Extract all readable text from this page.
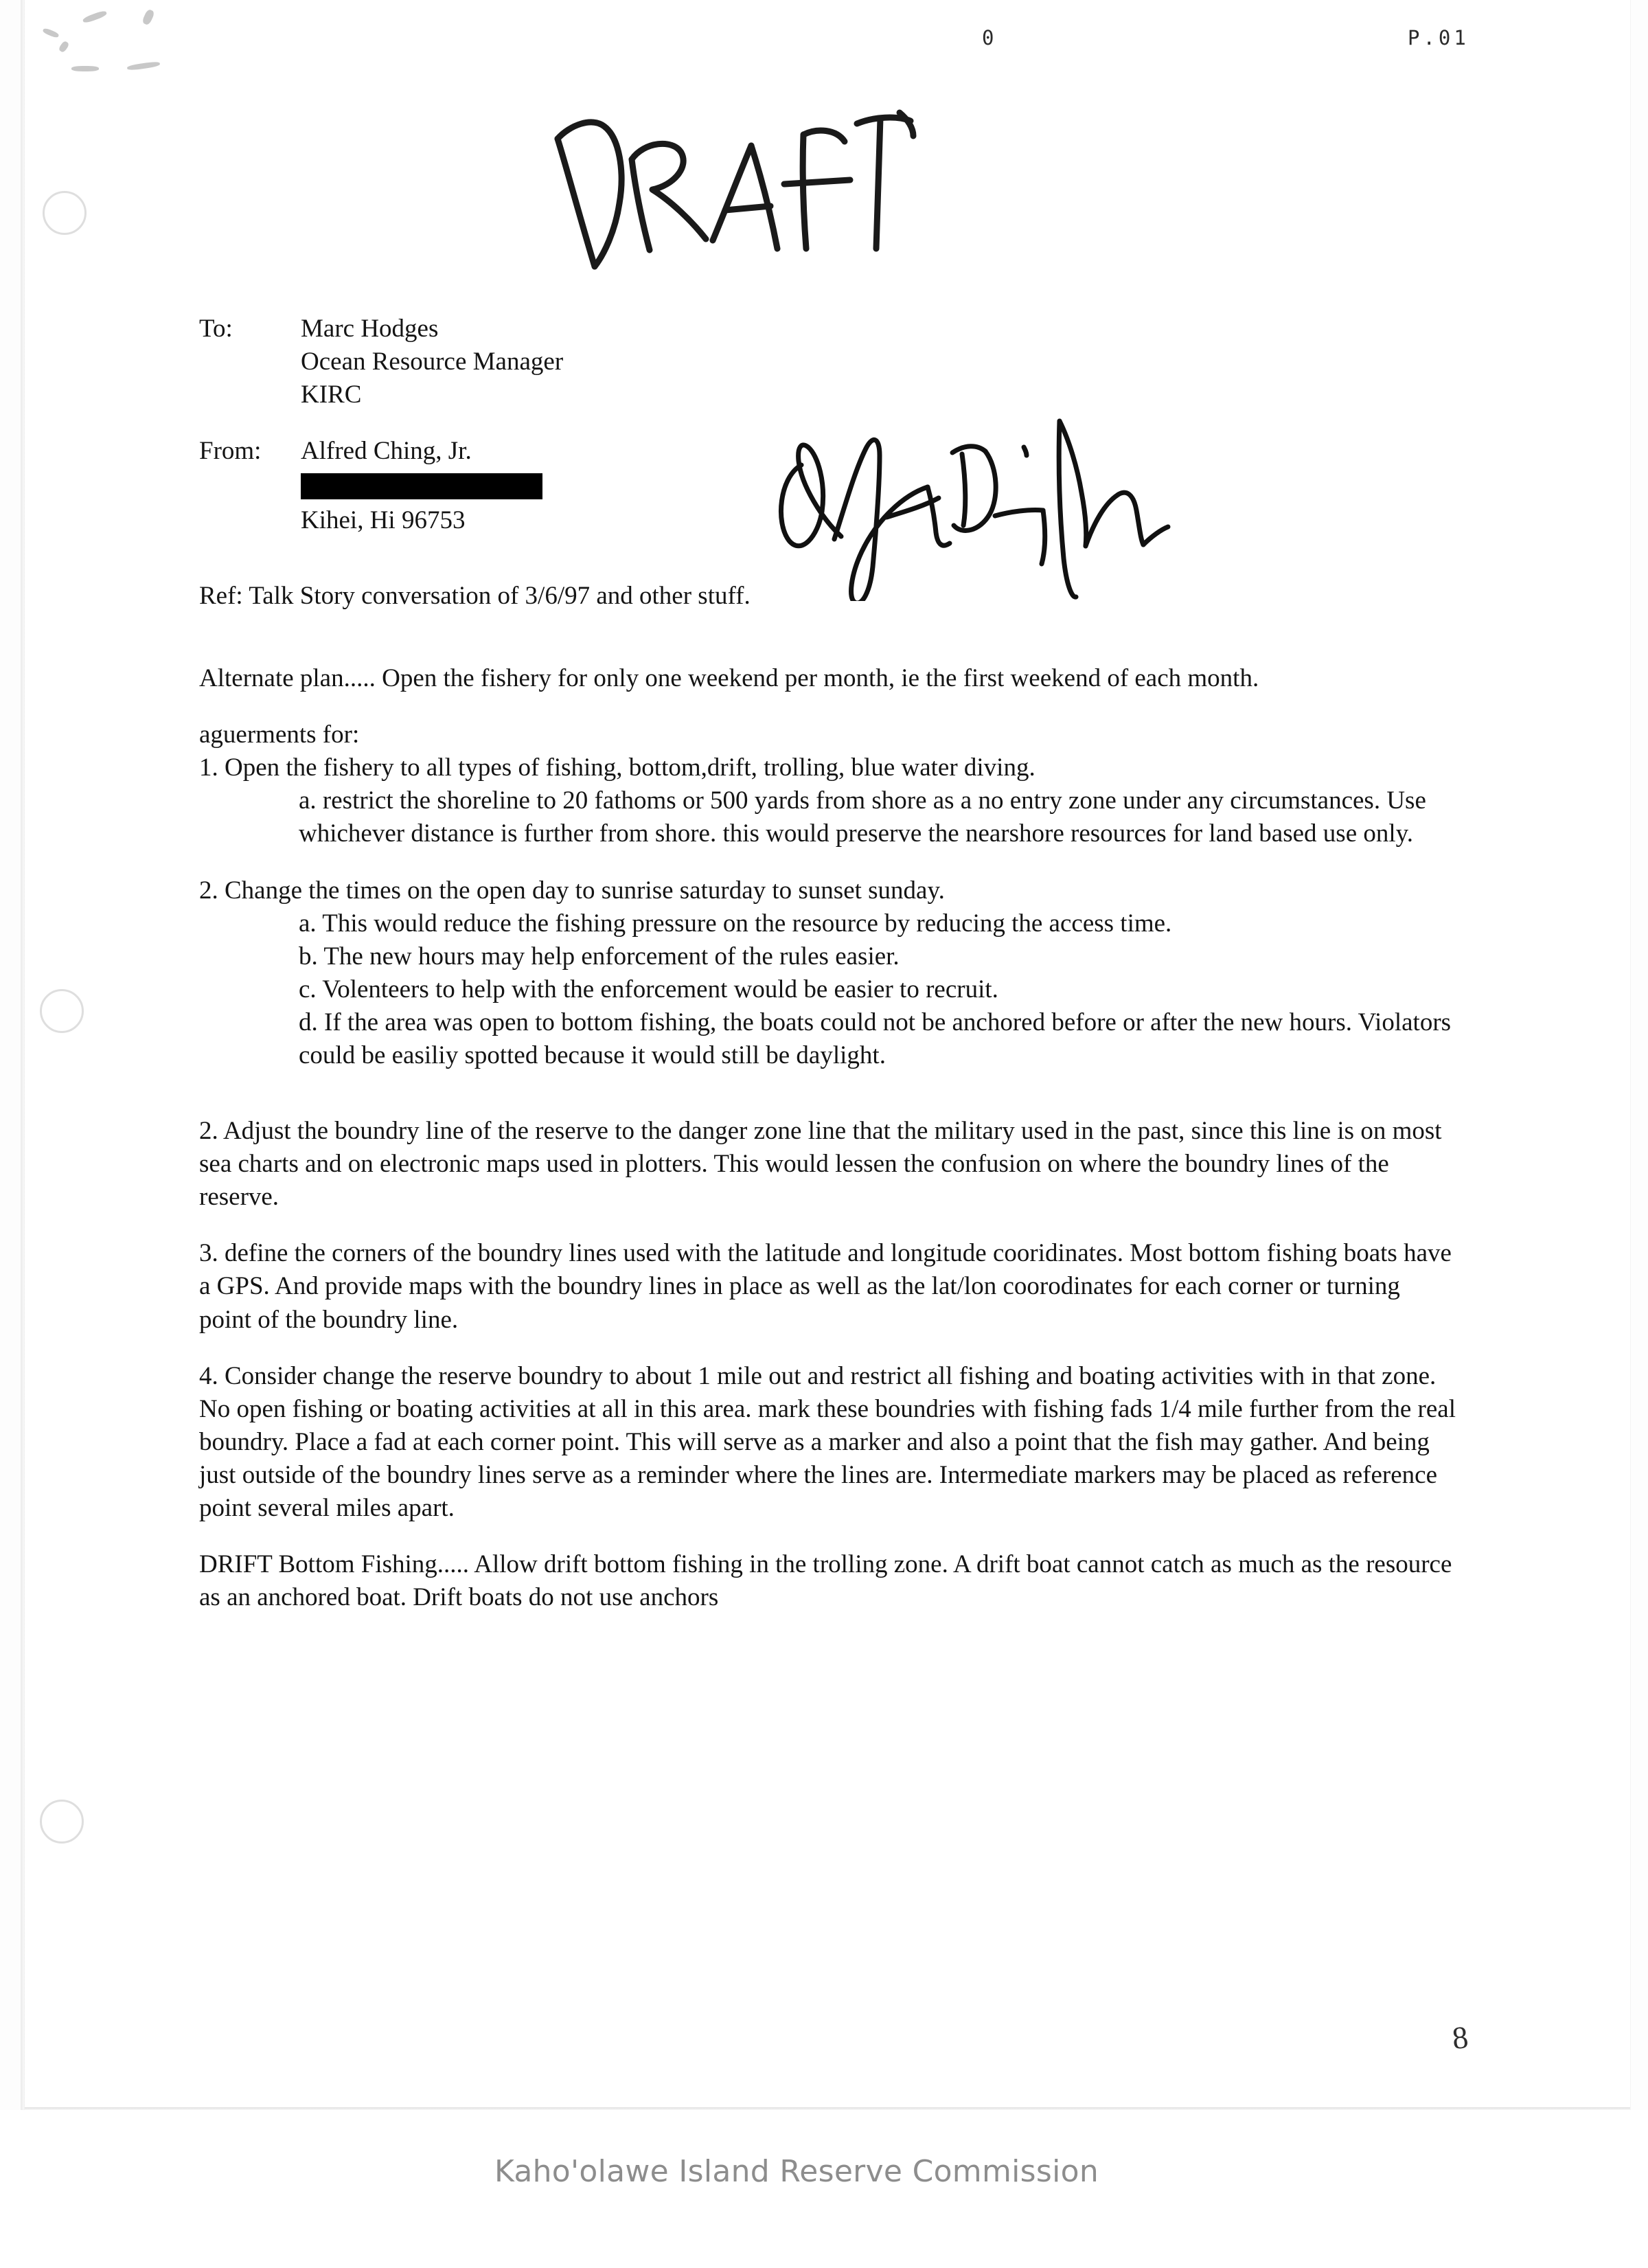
0	P.01
To:	Marc Hodges
Ocean Resource Manager
KIRC
From:	Alfred Ching, Jr.
Kihei, Hi 96753

Ref: Talk Story conversation of 3/6/97 and other stuff.

Alternate plan..... Open the fishery for only one weekend per month, ie the first weekend of each month.

aguerments for:

1. Open the fishery to all types of fishing, bottom,drift, trolling, blue water diving.

a. restrict the shoreline to 20 fathoms or 500 yards from shore as a no entry zone under any circumstances. Use whichever distance is further from shore. this would preserve the nearshore resources for land based use only.

2. Change the times on the open day to sunrise saturday to sunset sunday.

a. This would reduce the fishing pressure on the resource by reducing the access time.

b. The new hours may help enforcement of the rules easier.

c. Volenteers to help with the enforcement would be easier to recruit.

d. If the area was open to bottom fishing, the boats could not be anchored before or after the new hours. Violators could be easiliy spotted because it would still be daylight.

2. Adjust the boundry line of the reserve to the danger zone line that the military used in the past, since this line is on most sea charts and on electronic maps used in plotters. This would lessen the confusion on where the boundry lines of the reserve.

3. define the corners of the boundry lines used with the latitude and longitude cooridinates. Most bottom fishing boats have a GPS. And provide maps with the boundry lines in place as well as the lat/lon coorodinates for each corner or turning point of the boundry line.

4. Consider change the reserve boundry to about 1 mile out and restrict all fishing and boating activities with in that zone. No open fishing or boating activities at all in this area. mark these boundries with fishing fads 1/4 mile further from the real boundry. Place a fad at each corner point. This will serve as a marker and also a point that the fish may gather. And being just outside of the boundry lines serve as a reminder where the lines are. Intermediate markers may be placed as reference point several miles apart.

DRIFT Bottom Fishing..... Allow drift bottom fishing in the trolling zone. A drift boat cannot catch as much as the resource as an anchored boat. Drift boats do not use anchors

8
Kaho'olawe Island Reserve Commission
